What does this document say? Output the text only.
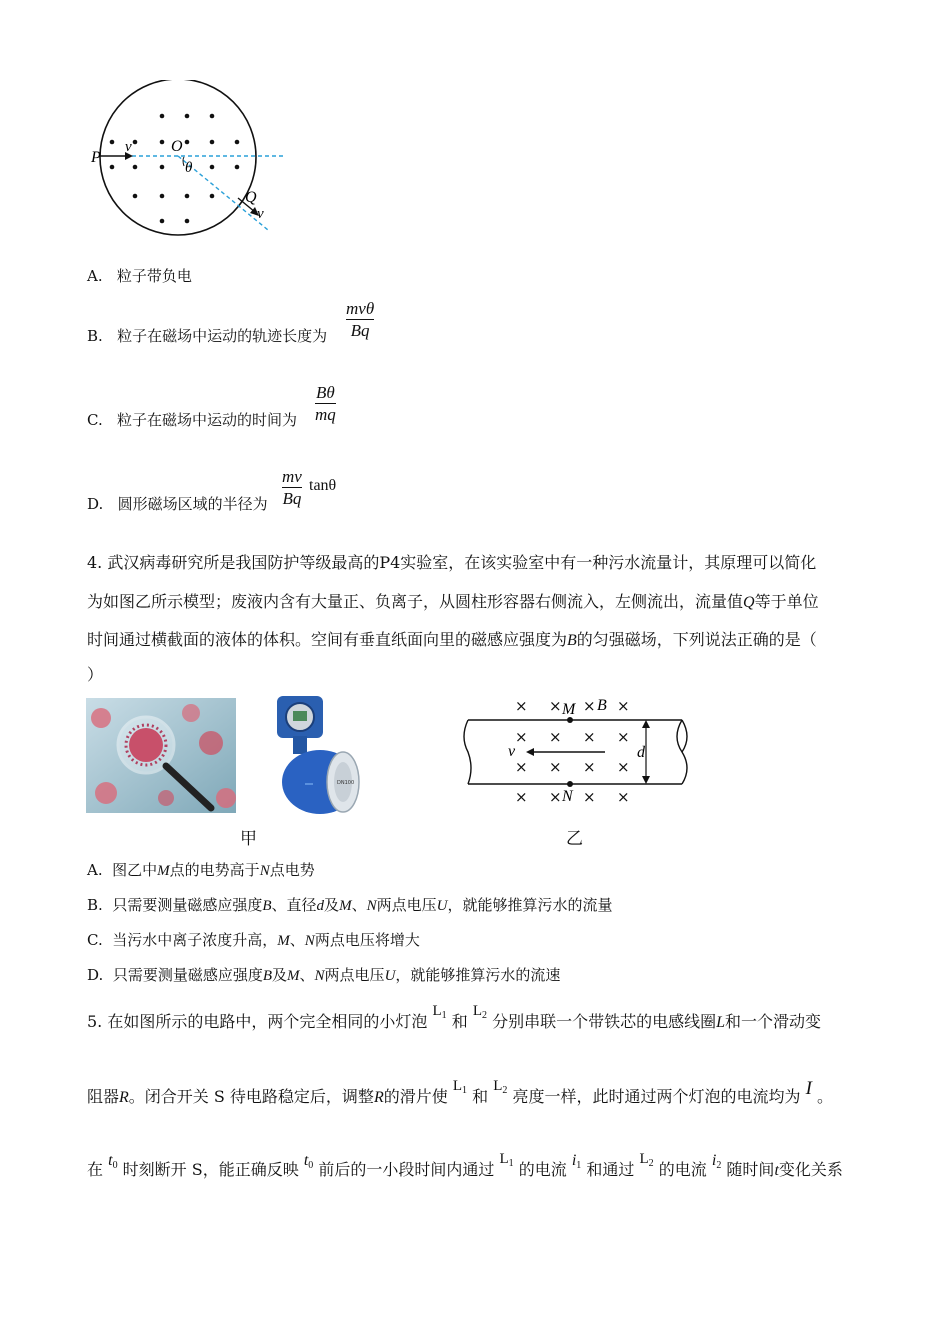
P
v O
θ
Q
v
A. 粒子带负电
B. 粒子在磁场中运动的轨迹长度为
mvθ
Bq
C. 粒子在磁场中运动的时间为
Bθ
mq
D. 圆形磁场区域的半径为
mv
Bq
tanθ
4. 武汉病毒研究所是我国防护等级最高的P4实验室，在该实验室中有一种污水流量计，其原理可以简化
为如图乙所示模型；废液内含有大量正、负离子，从圆柱形容器右侧流入，左侧流出，流量值Q等于单位
时间通过横截面的液体的体积。空间有垂直纸面向里的磁感应强度为B的匀强磁场，下列说法正确的是（
）
DN100
× × × ×
× × × ×
× × × ×
× × × ×
M B
N
v	d
甲	乙
A. 图乙中M点的电势高于N点电势
B. 只需要测量磁感应强度B、直径d及M、N两点电压U，就能够推算污水的流量
C. 当污水中离子浓度升高，M、N两点电压将增大
D. 只需要测量磁感应强度B及M、N两点电压U，就能够推算污水的流速
5. 在如图所示的电路中，两个完全相同的小灯泡 $L_1$ 和 $L_2$ 分别串联一个带铁芯的电感线圈L和一个滑动变
阻器R。闭合开关 S 待电路稳定后，调整R的滑片使 $L_1$ 和 $L_2$ 亮度一样，此时通过两个灯泡的电流均为 I 。
在 $t_0$ 时刻断开 S，能正确反映 $t_0$ 前后的一小段时间内通过 $L_1$ 的电流 $i_1$ 和通过 $L_2$ 的电流 $i_2$ 随时间t变化关系
